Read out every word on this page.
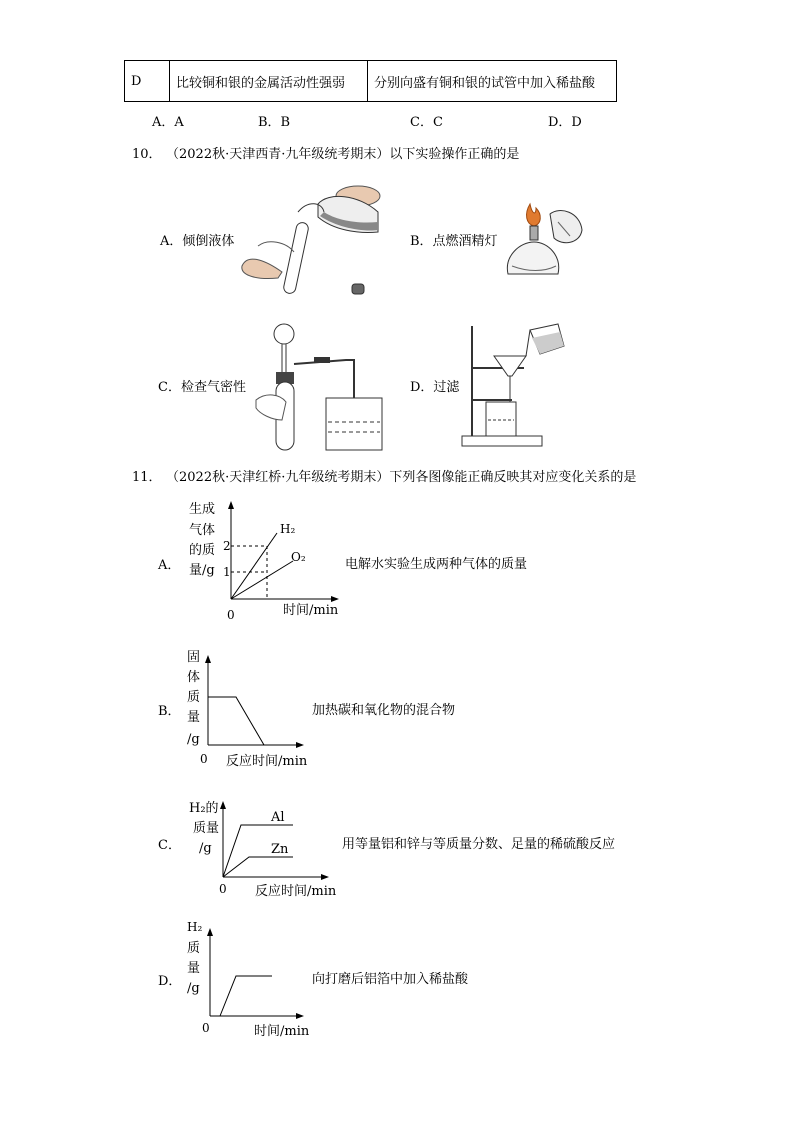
D	比较铜和银的金属活动性强弱	分别向盛有铜和银的试管中加入稀盐酸
A．A	B．B	C．C	D．D
10． （2022秋·天津西青·九年级统考期末）以下实验操作正确的是
A．倾倒液体	B．点燃酒精灯
C．检查气密性	D．过滤
11． （2022秋·天津红桥·九年级统考期末）下列各图像能正确反映其对应变化关系的是
A．
生成
气体
的质
量/g
2
1
H₂
O₂
0	时间/min
电解水实验生成两种气体的质量
B．
固
体
质
量
/g
0 反应时间/min
加热碳和氧化物的混合物
C．
H₂的
质量
/g
Al
Zn
0 反应时间/min
用等量铝和锌与等质量分数、足量的稀硫酸反应
D．
H₂
质
量
/g
0	时间/min
向打磨后铝箔中加入稀盐酸
